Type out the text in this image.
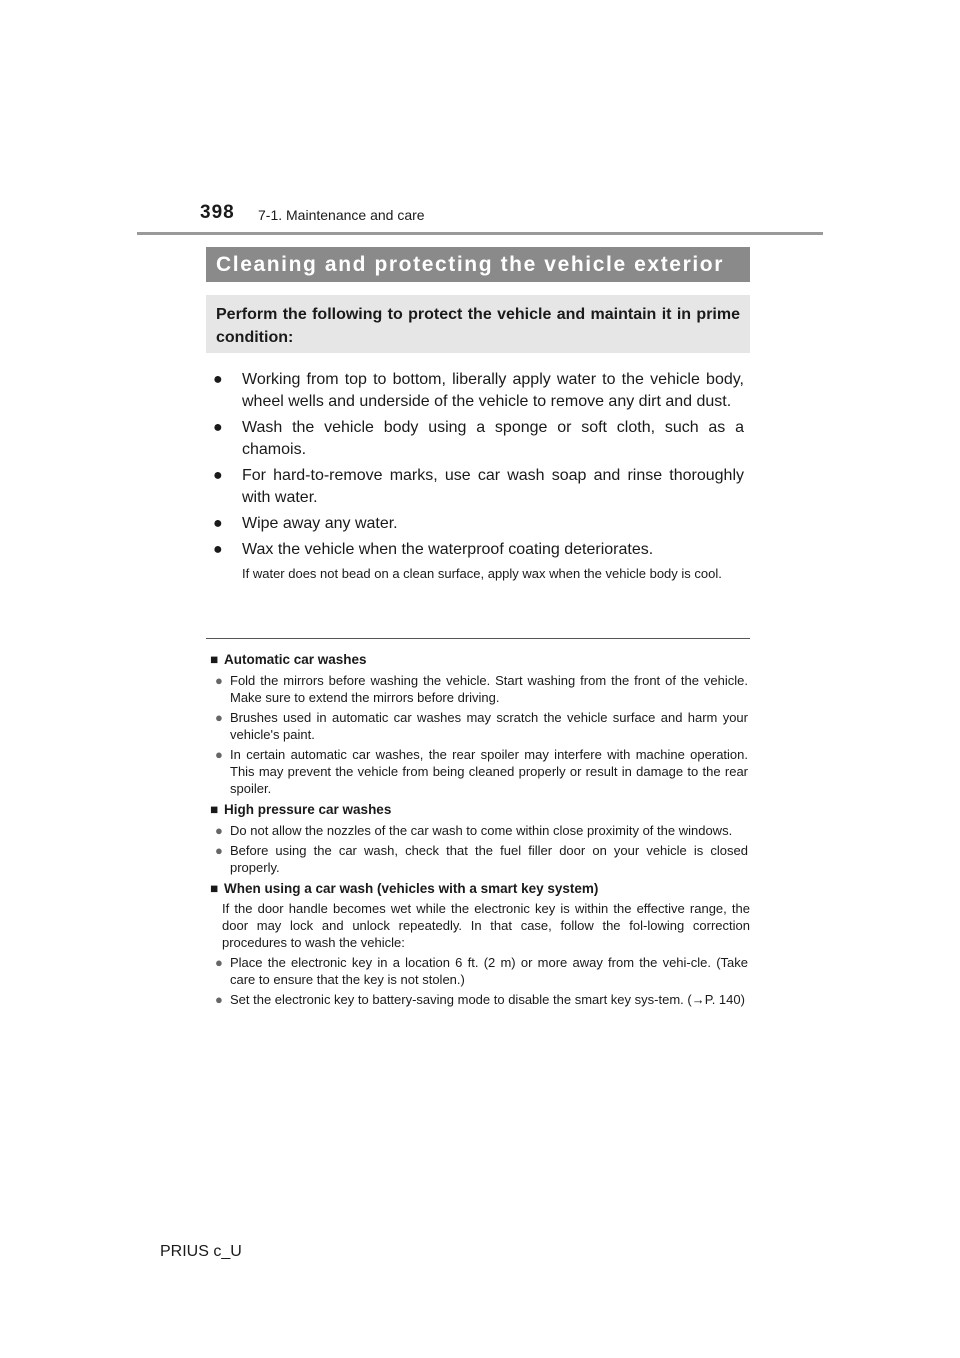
398 7-1. Maintenance and care
Cleaning and protecting the vehicle exterior
Perform the following to protect the vehicle and maintain it in prime condition:
● Working from top to bottom, liberally apply water to the vehicle body, wheel wells and underside of the vehicle to remove any dirt and dust.
● Wash the vehicle body using a sponge or soft cloth, such as a chamois.
● For hard-to-remove marks, use car wash soap and rinse thoroughly with water.
● Wipe away any water.
● Wax the vehicle when the waterproof coating deteriorates.
If water does not bead on a clean surface, apply wax when the vehicle body is cool.
■ Automatic car washes
● Fold the mirrors before washing the vehicle. Start washing from the front of the vehicle. Make sure to extend the mirrors before driving.
● Brushes used in automatic car washes may scratch the vehicle surface and harm your vehicle's paint.
● In certain automatic car washes, the rear spoiler may interfere with machine operation. This may prevent the vehicle from being cleaned properly or result in damage to the rear spoiler.
■ High pressure car washes
● Do not allow the nozzles of the car wash to come within close proximity of the windows.
● Before using the car wash, check that the fuel filler door on your vehicle is closed properly.
■ When using a car wash (vehicles with a smart key system)
If the door handle becomes wet while the electronic key is within the effective range, the door may lock and unlock repeatedly. In that case, follow the fol-lowing correction procedures to wash the vehicle:
● Place the electronic key in a location 6 ft. (2 m) or more away from the vehi-cle. (Take care to ensure that the key is not stolen.)
● Set the electronic key to battery-saving mode to disable the smart key sys-tem. (→P. 140)
PRIUS c_U
